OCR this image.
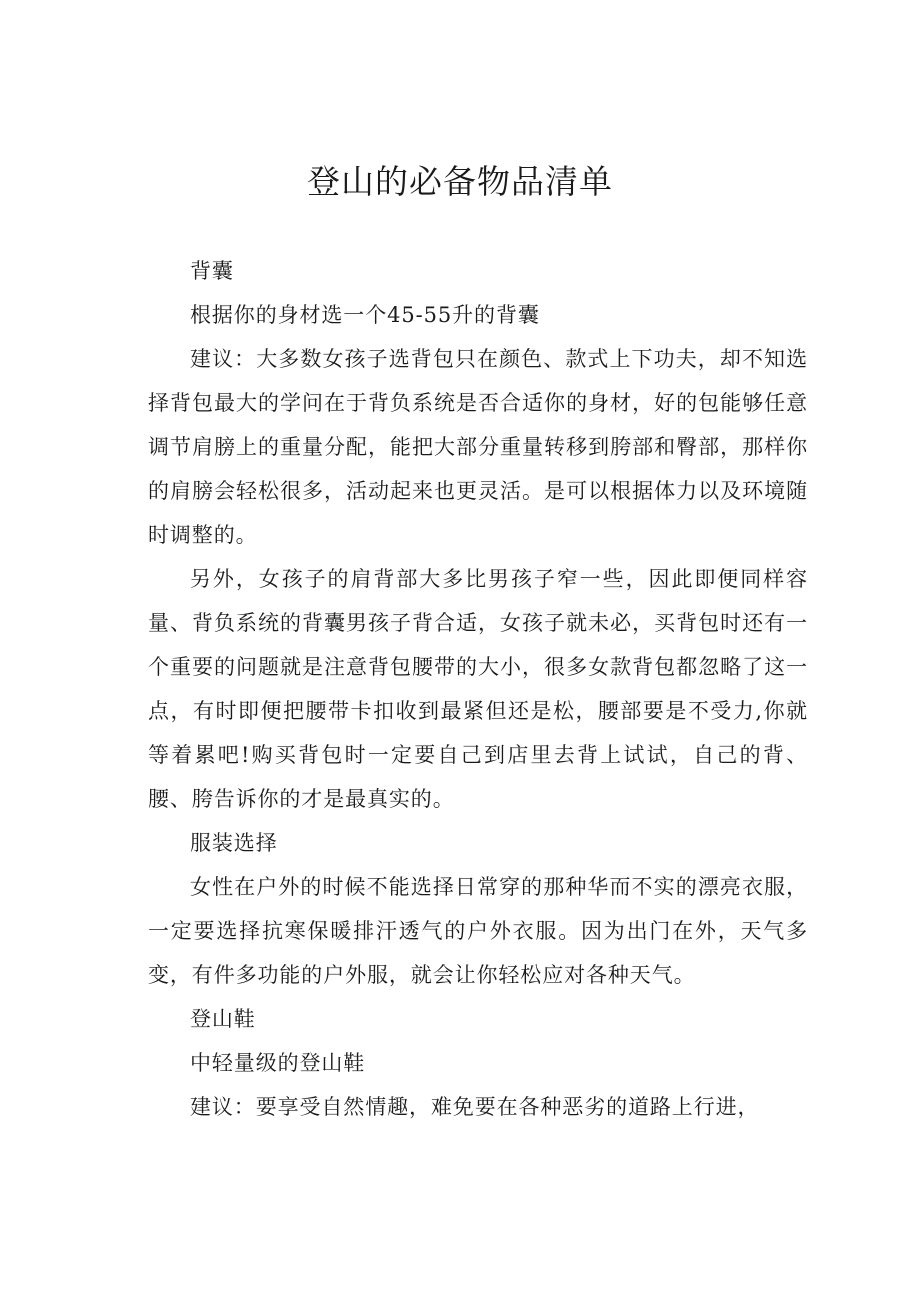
登山的必备物品清单

背囊

根据你的身材选一个45-55升的背囊

建议：大多数女孩子选背包只在颜色、款式上下功夫，却不知选择背包最大的学问在于背负系统是否合适你的身材，好的包能够任意调节肩膀上的重量分配，能把大部分重量转移到胯部和臀部，那样你的肩膀会轻松很多，活动起来也更灵活。是可以根据体力以及环境随时调整的。

另外，女孩子的肩背部大多比男孩子窄一些，因此即便同样容量、背负系统的背囊男孩子背合适，女孩子就未必，买背包时还有一个重要的问题就是注意背包腰带的大小，很多女款背包都忽略了这一点，有时即便把腰带卡扣收到最紧但还是松，腰部要是不受力,你就等着累吧!购买背包时一定要自己到店里去背上试试，自己的背、腰、胯告诉你的才是最真实的。

服装选择

女性在户外的时候不能选择日常穿的那种华而不实的漂亮衣服，一定要选择抗寒保暖排汗透气的户外衣服。因为出门在外，天气多变，有件多功能的户外服，就会让你轻松应对各种天气。

登山鞋

中轻量级的登山鞋

建议：要享受自然情趣，难免要在各种恶劣的道路上行进，
